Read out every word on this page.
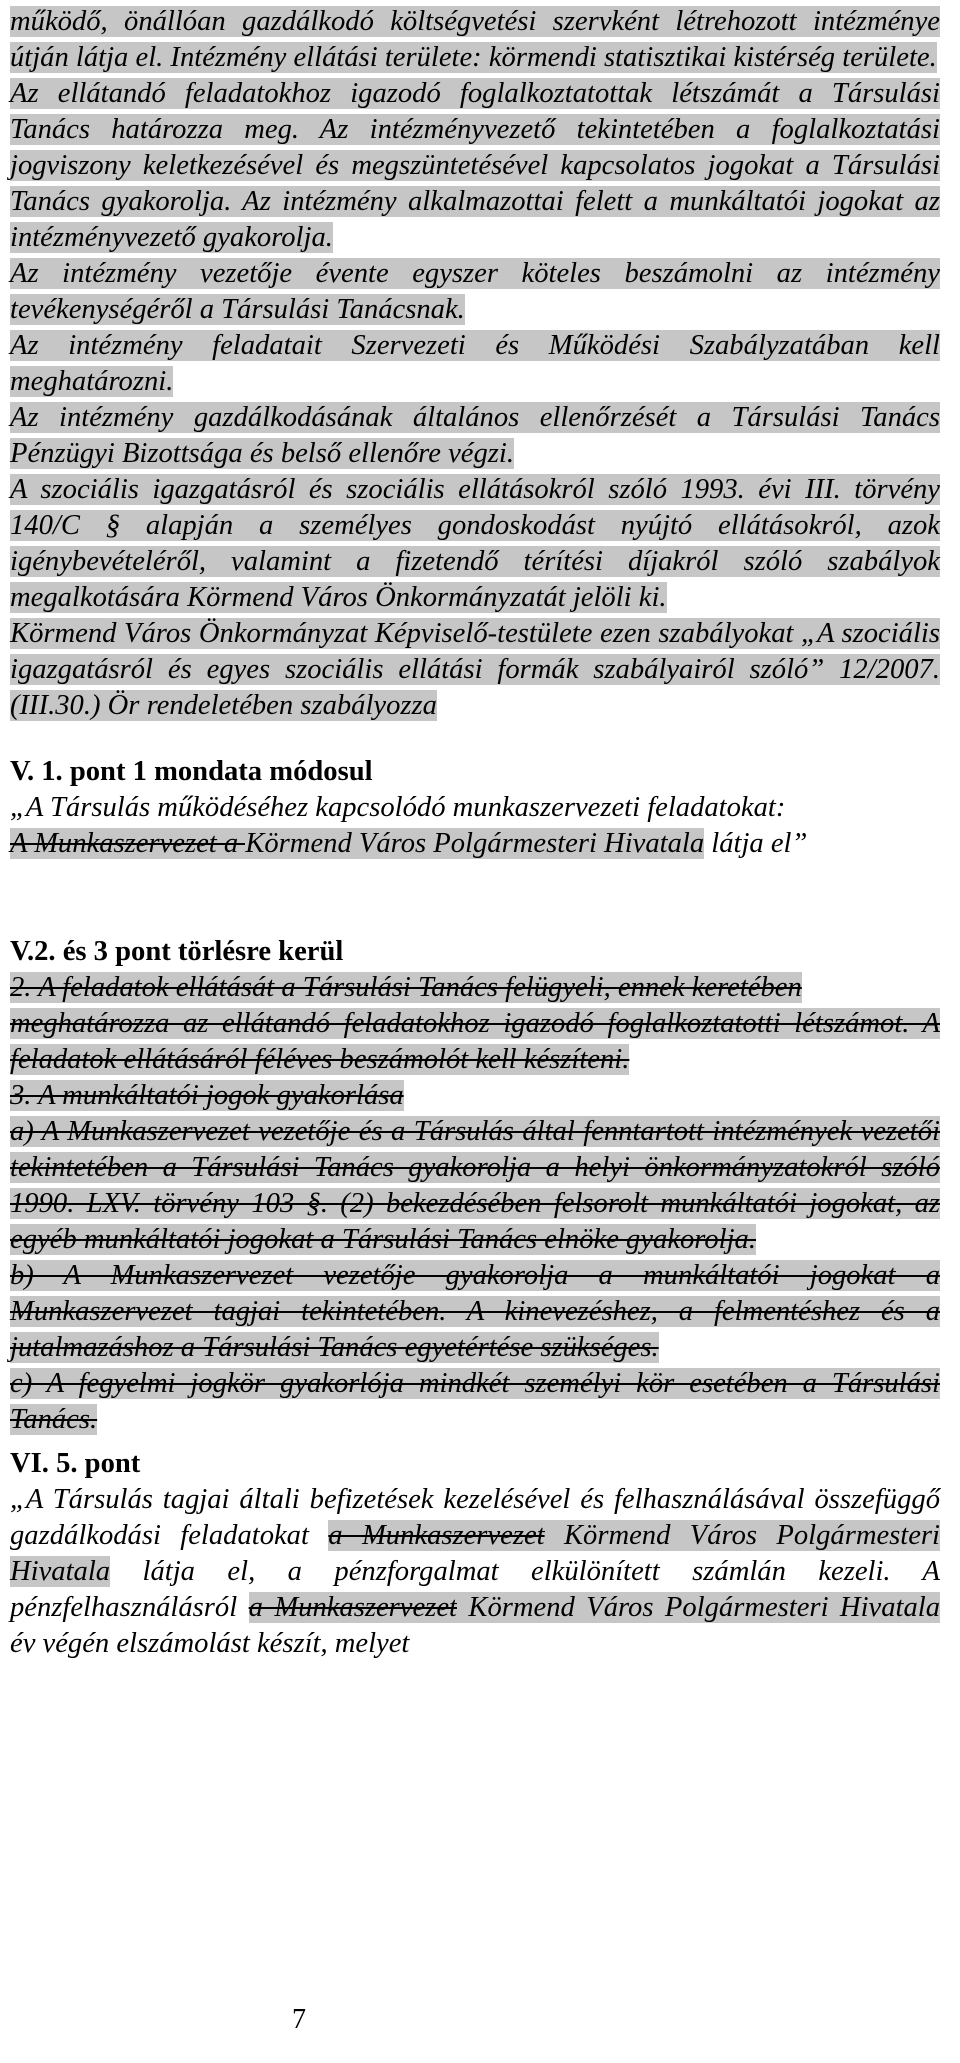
működő, önállóan gazdálkodó költségvetési szervként létrehozott intézménye útján látja el. Intézmény ellátási területe: körmendi statisztikai kistérség területe.

Az ellátandó feladatokhoz igazodó foglalkoztatottak létszámát a Társulási Tanács határozza meg. Az intézményvezető tekintetében a foglalkoztatási jogviszony keletkezésével és megszüntetésével kapcsolatos jogokat a Társulási Tanács gyakorolja. Az intézmény alkalmazottai felett a munkáltatói jogokat az intézményvezető gyakorolja.

Az intézmény vezetője évente egyszer köteles beszámolni az intézmény tevékenységéről a Társulási Tanácsnak.

Az intézmény feladatait Szervezeti és Működési Szabályzatában kell meghatározni.

Az intézmény gazdálkodásának általános ellenőrzését a Társulási Tanács Pénzügyi Bizottsága és belső ellenőre végzi.

A szociális igazgatásról és szociális ellátásokról szóló 1993. évi III. törvény 140/C § alapján a személyes gondoskodást nyújtó ellátásokról, azok igénybevételéről, valamint a fizetendő térítési díjakról szóló szabályok megalkotására Körmend Város Önkormányzatát jelöli ki.

Körmend Város Önkormányzat Képviselő-testülete ezen szabályokat „A szociális igazgatásról és egyes szociális ellátási formák szabályairól szóló” 12/2007. (III.30.) Ör rendeletében szabályozza

V. 1. pont 1 mondata módosul

„A Társulás működéséhez kapcsolódó munkaszervezeti feladatokat:
A Munkaszervezet a Körmend Város Polgármesteri Hivatala látja el”

V.2. és 3 pont törlésre kerül

2. A feladatok ellátását a Társulási Tanács felügyeli, ennek keretében

meghatározza az ellátandó feladatokhoz igazodó foglalkoztatotti létszámot. A feladatok ellátásáról féléves beszámolót kell készíteni.

3. A munkáltatói jogok gyakorlása

a) A Munkaszervezet vezetője és a Társulás által fenntartott intézmények vezetői tekintetében a Társulási Tanács gyakorolja a helyi önkormányzatokról szóló 1990. LXV. törvény 103 §. (2) bekezdésében felsorolt munkáltatói jogokat, az egyéb munkáltatói jogokat a Társulási Tanács elnöke gyakorolja.

b) A Munkaszervezet vezetője gyakorolja a munkáltatói jogokat a Munkaszervezet tagjai tekintetében. A kinevezéshez, a felmentéshez és a jutalmazáshoz a Társulási Tanács egyetértése szükséges.

c) A fegyelmi jogkör gyakorlója mindkét személyi kör esetében a Társulási Tanács.

VI. 5. pont

„A Társulás tagjai általi befizetések kezelésével és felhasználásával összefüggő gazdálkodási feladatokat a Munkaszervezet Körmend Város Polgármesteri Hivatala látja el, a pénzforgalmat elkülönített számlán kezeli. A pénzfelhasználásról a Munkaszervezet Körmend Város Polgármesteri Hivatala év végén elszámolást készít, melyet

7
